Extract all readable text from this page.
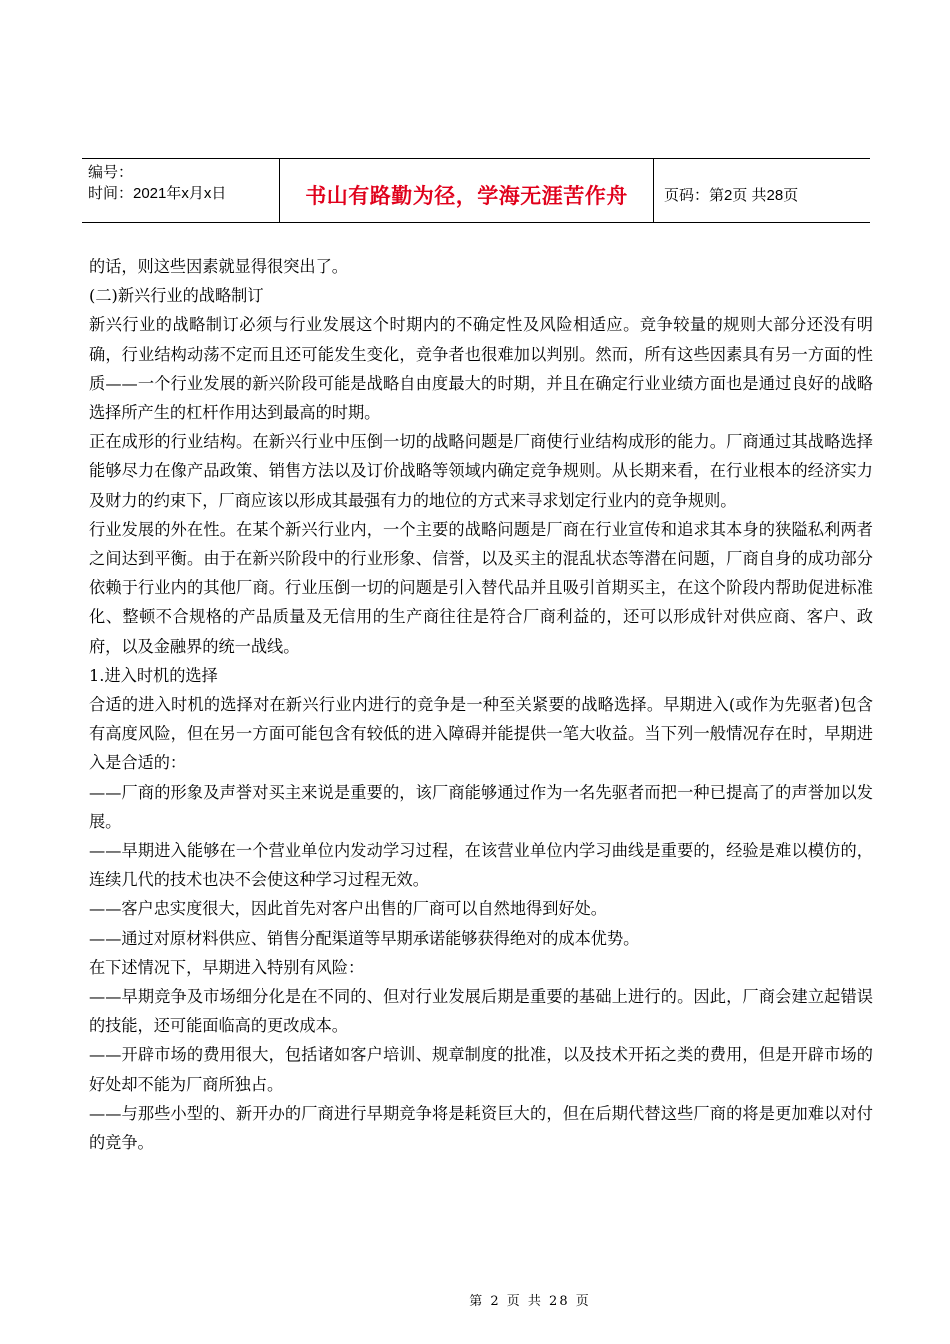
编号：
时间：2021年x月x日	书山有路勤为径，学海无涯苦作舟	页码：第2页 共28页

的话，则这些因素就显得很突出了。

(二)新兴行业的战略制订

新兴行业的战略制订必须与行业发展这个时期内的不确定性及风险相适应。竞争较量的规则大部分还没有明确，行业结构动荡不定而且还可能发生变化，竞争者也很难加以判别。然而，所有这些因素具有另一方面的性质——一个行业发展的新兴阶段可能是战略自由度最大的时期，并且在确定行业业绩方面也是通过良好的战略选择所产生的杠杆作用达到最高的时期。

正在成形的行业结构。在新兴行业中压倒一切的战略问题是厂商使行业结构成形的能力。厂商通过其战略选择能够尽力在像产品政策、销售方法以及订价战略等领域内确定竞争规则。从长期来看，在行业根本的经济实力及财力的约束下，厂商应该以形成其最强有力的地位的方式来寻求划定行业内的竞争规则。

行业发展的外在性。在某个新兴行业内，一个主要的战略问题是厂商在行业宣传和追求其本身的狭隘私利两者之间达到平衡。由于在新兴阶段中的行业形象、信誉，以及买主的混乱状态等潜在问题，厂商自身的成功部分依赖于行业内的其他厂商。行业压倒一切的问题是引入替代品并且吸引首期买主，在这个阶段内帮助促进标准化、整顿不合规格的产品质量及无信用的生产商往往是符合厂商利益的，还可以形成针对供应商、客户、政府，以及金融界的统一战线。

1.进入时机的选择

合适的进入时机的选择对在新兴行业内进行的竞争是一种至关紧要的战略选择。早期进入(或作为先驱者)包含有高度风险，但在另一方面可能包含有较低的进入障碍并能提供一笔大收益。当下列一般情况存在时，早期进入是合适的：

——厂商的形象及声誉对买主来说是重要的，该厂商能够通过作为一名先驱者而把一种已提高了的声誉加以发展。

——早期进入能够在一个营业单位内发动学习过程，在该营业单位内学习曲线是重要的，经验是难以模仿的，连续几代的技术也决不会使这种学习过程无效。

——客户忠实度很大，因此首先对客户出售的厂商可以自然地得到好处。

——通过对原材料供应、销售分配渠道等早期承诺能够获得绝对的成本优势。

在下述情况下，早期进入特别有风险：

——早期竞争及市场细分化是在不同的、但对行业发展后期是重要的基础上进行的。因此，厂商会建立起错误的技能，还可能面临高的更改成本。

——开辟市场的费用很大，包括诸如客户培训、规章制度的批准，以及技术开拓之类的费用，但是开辟市场的好处却不能为厂商所独占。

——与那些小型的、新开办的厂商进行早期竞争将是耗资巨大的，但在后期代替这些厂商的将是更加难以对付的竞争。

第 2 页 共 28 页
